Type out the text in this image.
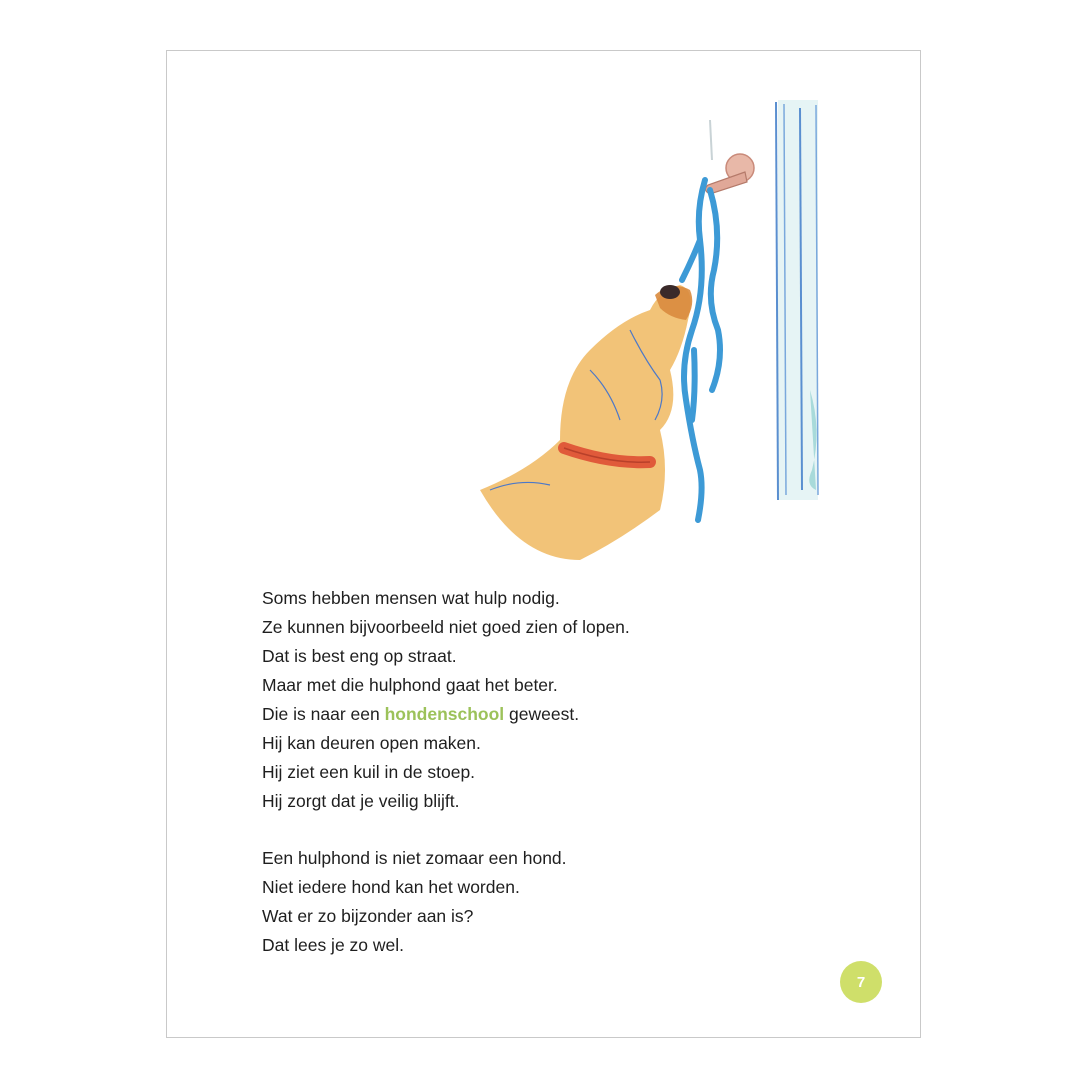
Soms hebben mensen wat hulp nodig.
Ze kunnen bijvoorbeeld niet goed zien of lopen.
Dat is best eng op straat.
Maar met die hulphond gaat het beter.
Die is naar een hondenschool geweest.
Hij kan deuren open maken.
Hij ziet een kuil in de stoep.
Hij zorgt dat je veilig blijft.
Een hulphond is niet zomaar een hond.
Niet iedere hond kan het worden.
Wat er zo bijzonder aan is?
Dat lees je zo wel.
7
